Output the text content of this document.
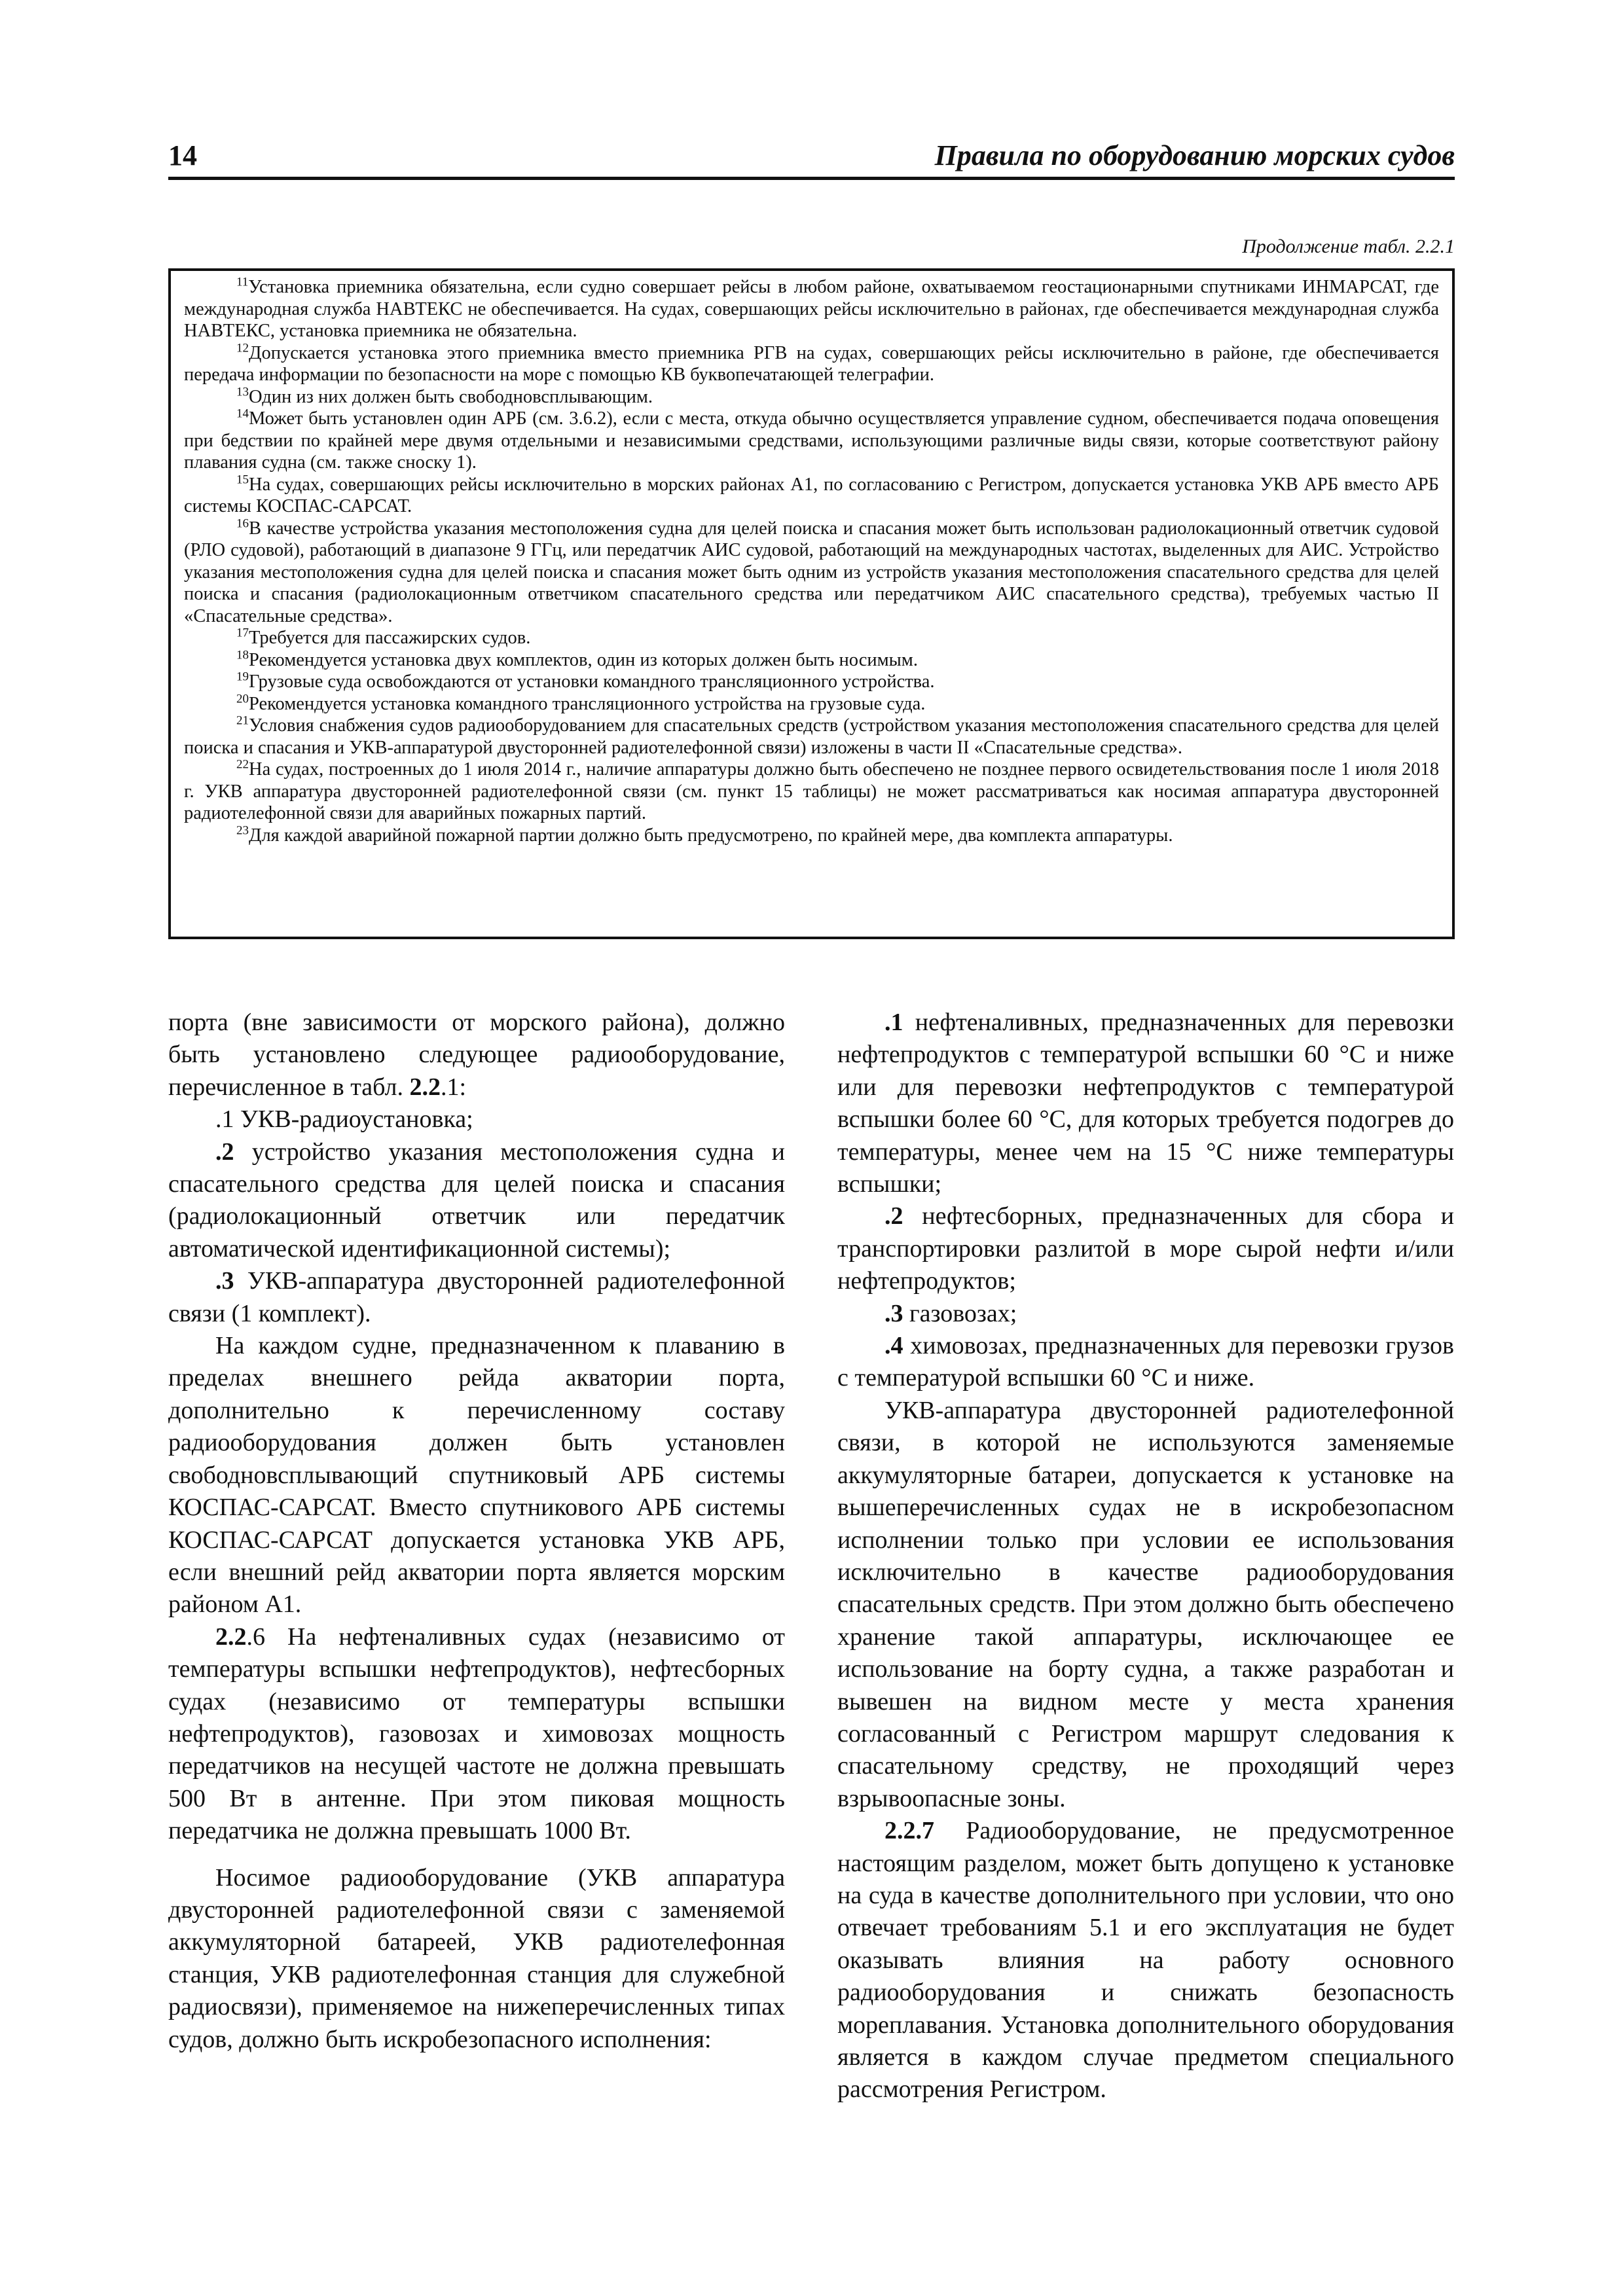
14	Правила по оборудованию морских судов
Продолжение табл. 2.2.1

$^{11}$Установка приемника обязательна, если судно совершает рейсы в любом районе, охватываемом геостационарными спутниками ИНМАРСАТ, где международная служба НАВТЕКС не обеспечивается. На судах, совершающих рейсы исключительно в районах, где обеспечивается международная служба НАВТЕКС, установка приемника не обязательна.

$^{12}$Допускается установка этого приемника вместо приемника РГВ на судах, совершающих рейсы исключительно в районе, где обеспечивается передача информации по безопасности на море с помощью КВ буквопечатающей телеграфии.

$^{13}$Один из них должен быть свободновсплывающим.

$^{14}$Может быть установлен один АРБ (см. 3.6.2), если с места, откуда обычно осуществляется управление судном, обеспечивается подача оповещения при бедствии по крайней мере двумя отдельными и независимыми средствами, использующими различные виды связи, которые соответствуют району плавания судна (см. также сноску 1).

$^{15}$На судах, совершающих рейсы исключительно в морских районах А1, по согласованию с Регистром, допускается установка УКВ АРБ вместо АРБ системы КОСПАС-САРСАТ.

$^{16}$В качестве устройства указания местоположения судна для целей поиска и спасания может быть использован радиолокационный ответчик судовой (РЛО судовой), работающий в диапазоне 9 ГГц, или передатчик АИС судовой, работающий на международных частотах, выделенных для АИС. Устройство указания местоположения судна для целей поиска и спасания может быть одним из устройств указания местоположения спасательного средства для целей поиска и спасания (радиолокационным ответчиком спасательного средства или передатчиком АИС спасательного средства), требуемых частью II «Спасательные средства».

$^{17}$Требуется для пассажирских судов.

$^{18}$Рекомендуется установка двух комплектов, один из которых должен быть носимым.

$^{19}$Грузовые суда освобождаются от установки командного трансляционного устройства.

$^{20}$Рекомендуется установка командного трансляционного устройства на грузовые суда.

$^{21}$Условия снабжения судов радиооборудованием для спасательных средств (устройством указания местоположения спасательного средства для целей поиска и спасания и УКВ-аппаратурой двусторонней радиотелефонной связи) изложены в части II «Спасательные средства».

$^{22}$На судах, построенных до 1 июля 2014 г., наличие аппаратуры должно быть обеспечено не позднее первого освидетельствования после 1 июля 2018 г. УКВ аппаратура двусторонней радиотелефонной связи (см. пункт 15 таблицы) не может рассматриваться как носимая аппаратура двусторонней радиотелефонной связи для аварийных пожарных партий.

$^{23}$Для каждой аварийной пожарной партии должно быть предусмотрено, по крайней мере, два комплекта аппаратуры.

порта (вне зависимости от морского района), должно быть установлено следующее радиооборудование, перечисленное в табл. 2.2.1:

.1 УКВ-радиоустановка;

.2 устройство указания местоположения судна и спасательного средства для целей поиска и спасания (радиолокационный ответчик или передатчик автоматической идентификационной системы);

.3 УКВ-аппаратура двусторонней радиотелефонной связи (1 комплект).

На каждом судне, предназначенном к плаванию в пределах внешнего рейда акватории порта, дополнительно к перечисленному составу радиооборудования должен быть установлен свободновсплывающий спутниковый АРБ системы КОСПАС-САРСАТ. Вместо спутникового АРБ системы КОСПАС-САРСАТ допускается установка УКВ АРБ, если внешний рейд акватории порта является морским районом А1.

2.2.6 На нефтеналивных судах (независимо от температуры вспышки нефтепродуктов), нефтесборных судах (независимо от температуры вспышки нефтепродуктов), газовозах и химовозах мощность передатчиков на несущей частоте не должна превышать 500 Вт в антенне. При этом пиковая мощность передатчика не должна превышать 1000 Вт.

Носимое радиооборудование (УКВ аппаратура двусторонней радиотелефонной связи с заменяемой аккумуляторной батареей, УКВ радиотелефонная станция, УКВ радиотелефонная станция для служебной радиосвязи), применяемое на нижеперечисленных типах судов, должно быть искробезопасного исполнения:

.1 нефтеналивных, предназначенных для перевозки нефтепродуктов с температурой вспышки 60 °С и ниже или для перевозки нефтепродуктов с температурой вспышки более 60 °С, для которых требуется подогрев до температуры, менее чем на 15 °С ниже температуры вспышки;

.2 нефтесборных, предназначенных для сбора и транспортировки разлитой в море сырой нефти и/или нефтепродуктов;

.3 газовозах;

.4 химовозах, предназначенных для перевозки грузов с температурой вспышки 60 °С и ниже.

УКВ-аппаратура двусторонней радиотелефонной связи, в которой не используются заменяемые аккумуляторные батареи, допускается к установке на вышеперечисленных судах не в искробезопасном исполнении только при условии ее использования исключительно в качестве радиооборудования спасательных средств. При этом должно быть обеспечено хранение такой аппаратуры, исключающее ее использование на борту судна, а также разработан и вывешен на видном месте у места хранения согласованный с Регистром маршрут следования к спасательному средству, не проходящий через взрывоопасные зоны.

2.2.7 Радиооборудование, не предусмотренное настоящим разделом, может быть допущено к установке на суда в качестве дополнительного при условии, что оно отвечает требованиям 5.1 и его эксплуатация не будет оказывать влияния на работу основного радиооборудования и снижать безопасность мореплавания. Установка дополнительного оборудования является в каждом случае предметом специального рассмотрения Регистром.
